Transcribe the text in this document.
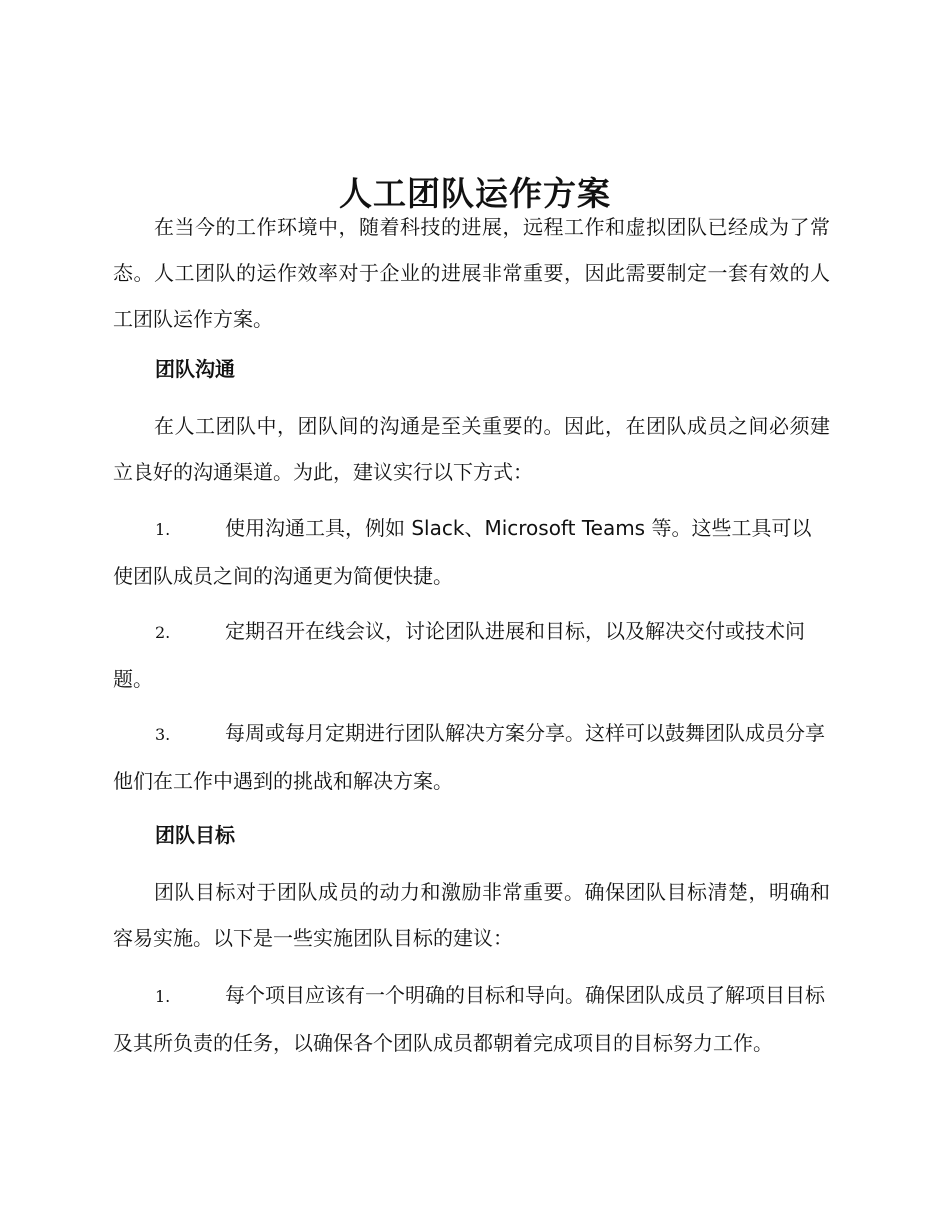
人工团队运作方案

在当今的工作环境中，随着科技的进展，远程工作和虚拟团队已经成为了常态。人工团队的运作效率对于企业的进展非常重要，因此需要制定一套有效的人工团队运作方案。

团队沟通

在人工团队中，团队间的沟通是至关重要的。因此，在团队成员之间必须建立良好的沟通渠道。为此，建议实行以下方式：

1.	使用沟通工具，例如 Slack、Microsoft Teams 等。这些工具可以使团队成员之间的沟通更为简便快捷。

2.	定期召开在线会议，讨论团队进展和目标，以及解决交付或技术问题。

3.	每周或每月定期进行团队解决方案分享。这样可以鼓舞团队成员分享他们在工作中遇到的挑战和解决方案。

团队目标

团队目标对于团队成员的动力和激励非常重要。确保团队目标清楚，明确和容易实施。以下是一些实施团队目标的建议：

1.	每个项目应该有一个明确的目标和导向。确保团队成员了解项目目标及其所负责的任务，以确保各个团队成员都朝着完成项目的目标努力工作。
